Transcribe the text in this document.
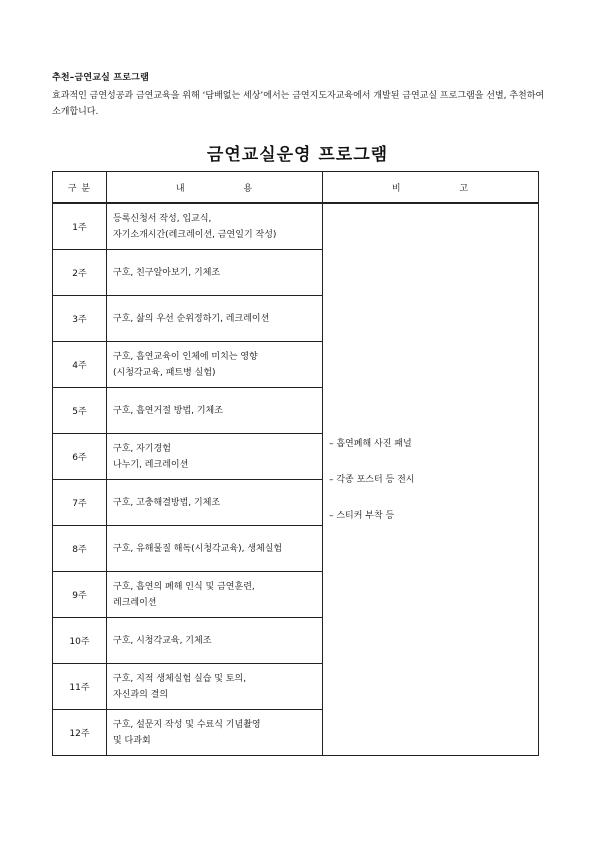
추천–금연교실 프로그램
효과적인 금연성공과 금연교육을 위해 ‘담배없는 세상’에서는 금연지도자교육에서 개발된 금연교실 프로그램을 선별, 추천하여 소개합니다.
금연교실운영 프로그램
구 분	내 용	비 고

1주	등록신청서 작성, 입교식,
자기소개시간(레크레이션, 금연일기 작성)	– 흡연폐해 사진 패널
– 각종 포스터 등 전시
– 스티커 부착 등

2주	구호, 친구알아보기, 기체조	

3주	구호, 삶의 우선 순위정하기, 레크레이션	

4주	구호, 흡연교육이 인체에 미치는 영향
(시청각교육, 패트병 실험)	

5주	구호, 흡연거절 방법, 기체조	

6주	구호, 자기경험
나누기, 레크레이션	

7주	구호, 고충해결방법, 기체조	

8주	구호, 유해물질 해독(시청각교육), 생체실험	

9주	구호, 흡연의 폐해 인식 및 금연훈련,
레크레이션	

10주	구호, 시청각교육, 기체조	

11주	구호, 지적 생체실험 실습 및 토의,
자신과의 결의	

12주	구호, 설문지 작성 및 수료식 기념촬영
및 다과회	
